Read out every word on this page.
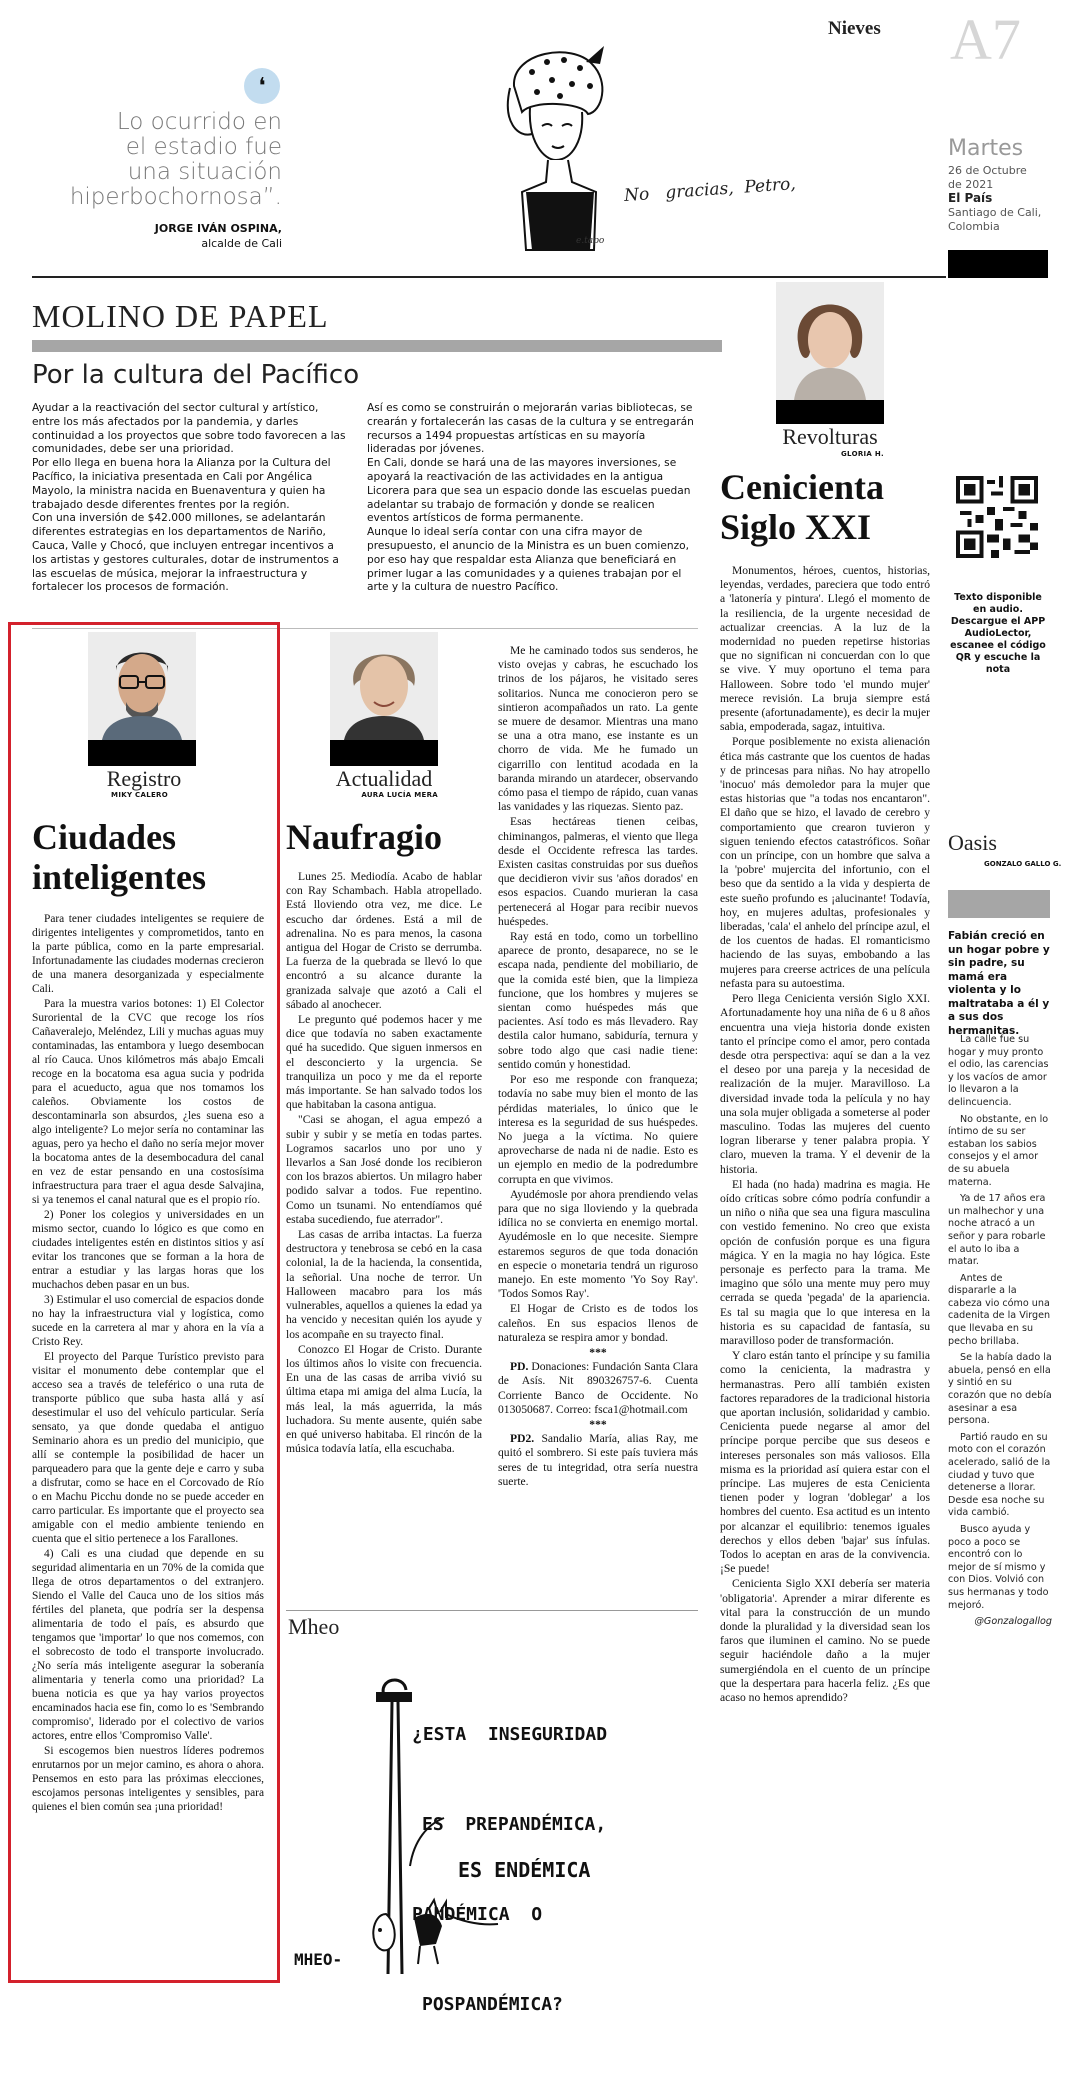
Nieves A7
❛
Lo ocurrido en
el estadio fue
una situación
hiperbochornosa”.
JORGE IVÁN OSPINA,
alcalde de Cali	e.tapo
No   gracias,  Petro,
Martes
26 de Octubre
de 2021
El País
Santiago de Cali,
Colombia
MOLINO DE PAPEL
Por la cultura del Pacífico
Ayudar a la reactivación del sector cultural y artístico, entre los más afectados por la pandemia, y darles continuidad a los proyectos que sobre todo favorecen a las comunidades, debe ser una prioridad.
Por ello llega en buena hora la Alianza por la Cultura del Pacífico, la iniciativa presentada en Cali por Angélica Mayolo, la ministra nacida en Buenaventura y quien ha trabajado desde diferentes frentes por la región.
Con una inversión de $42.000 millones, se adelantarán diferentes estrategias en los departamentos de Nariño, Cauca, Valle y Chocó, que incluyen entregar incentivos a los artistas y gestores culturales, dotar de instrumentos a las escuelas de música, mejorar la infraestructura y fortalecer los procesos de formación.
Así es como se construirán o mejorarán varias bibliotecas, se crearán y fortalecerán las casas de la cultura y se entregarán recursos a 1494 propuestas artísticas en su mayoría lideradas por jóvenes.
En Cali, donde se hará una de las mayores inversiones, se apoyará la reactivación de las actividades en la antigua Licorera para que sea un espacio donde las escuelas puedan adelantar su trabajo de formación y donde se realicen eventos artísticos de forma permanente.
Aunque lo ideal sería contar con una cifra mayor de presupuesto, el anuncio de la Ministra es un buen comienzo, por eso hay que respaldar esta Alianza que beneficiará en primer lugar a las comunidades y a quienes trabajan por el arte y la cultura de nuestro Pacífico.
Revolturas
GLORIA H.
Cenicienta
Siglo XXI

Monumentos, héroes, cuentos, historias, leyendas, verdades, pareciera que todo entró a 'latonería y pintura'. Llegó el momento de la resiliencia, de la urgente necesidad de actualizar creencias. A la luz de la modernidad no pueden repetirse historias que no significan ni concuerdan con lo que se vive. Y muy oportuno el tema para Halloween. Sobre todo 'el mundo mujer' merece revisión. La bruja siempre está presente (afortunadamente), es decir la mujer sabia, empoderada, sagaz, intuitiva.

Porque posiblemente no exista alienación ética más castrante que los cuentos de hadas y de princesas para niñas. No hay atropello 'inocuo' más demoledor para la mujer que estas historias que "a todas nos encantaron". El daño que se hizo, el lavado de cerebro y comportamiento que crearon tuvieron y siguen teniendo efectos catastróficos. Soñar con un príncipe, con un hombre que salva a la 'pobre' mujercita del infortunio, con el beso que da sentido a la vida y despierta de este sueño profundo es ¡alucinante! Todavía, hoy, en mujeres adultas, profesionales y liberadas, 'cala' el anhelo del príncipe azul, el de los cuentos de hadas. El romanticismo haciendo de las suyas, embobando a las mujeres para creerse actrices de una película nefasta para su autoestima.

Pero llega Cenicienta versión Siglo XXI. Afortunadamente hoy una niña de 6 u 8 años encuentra una vieja historia donde existen tanto el príncipe como el amor, pero contada desde otra perspectiva: aquí se dan a la vez el deseo por una pareja y la necesidad de realización de la mujer. Maravilloso. La diversidad invade toda la película y no hay una sola mujer obligada a someterse al poder masculino. Todas las mujeres del cuento logran liberarse y tener palabra propia. Y claro, mueven la trama. Y el devenir de la historia.

El hada (no hada) madrina es magia. He oído críticas sobre cómo podría confundir a un niño o niña que sea una figura masculina con vestido femenino. No creo que exista opción de confusión porque es una figura mágica. Y en la magia no hay lógica. Este personaje es perfecto para la trama. Me imagino que sólo una mente muy pero muy cerrada se queda 'pegada' de la apariencia. Es tal su magia que lo que interesa en la historia es su capacidad de fantasía, su maravilloso poder de transformación.

Y claro están tanto el príncipe y su familia como la cenicienta, la madrastra y hermanastras. Pero allí también existen factores reparadores de la tradicional historia que aportan inclusión, solidaridad y cambio. Cenicienta puede negarse al amor del príncipe porque percibe que sus deseos e intereses personales son más valiosos. Ella misma es la prioridad así quiera estar con el príncipe. Las mujeres de esta Cenicienta tienen poder y logran 'doblegar' a los hombres del cuento. Esa actitud es un intento por alcanzar el equilibrio: tenemos iguales derechos y ellos deben 'bajar' sus ínfulas. Todos lo aceptan en aras de la convivencia. ¡Se puede!

Cenicienta Siglo XXI debería ser materia 'obligatoria'. Aprender a mirar diferente es vital para la construcción de un mundo donde la pluralidad y la diversidad sean los faros que iluminen el camino. No se puede seguir haciéndole daño a la mujer sumergiéndola en el cuento de un príncipe que la despertara para hacerla feliz. ¿Es que acaso no hemos aprendido?

Registro
MIKY CALERO
Ciudades
inteligentes

Para tener ciudades inteligentes se requiere de dirigentes inteligentes y comprometidos, tanto en la parte pública, como en la parte empresarial. Infortunadamente las ciudades modernas crecieron de una manera desorganizada y especialmente Cali.

Para la muestra varios botones: 1) El Colector Suroriental de la CVC que recoge los ríos Cañaveralejo, Meléndez, Lili y muchas aguas muy contaminadas, las entambora y luego desembocan al río Cauca. Unos kilómetros más abajo Emcali recoge en la bocatoma esa agua sucia y podrida para el acueducto, agua que nos tomamos los caleños. Obviamente los costos de descontaminarla son absurdos, ¿les suena eso a algo inteligente? Lo mejor sería no contaminar las aguas, pero ya hecho el daño no sería mejor mover la bocatoma antes de la desembocadura del canal en vez de estar pensando en una costosísima infraestructura para traer el agua desde Salvajina, si ya tenemos el canal natural que es el propio río.

2) Poner los colegios y universidades en un mismo sector, cuando lo lógico es que como en ciudades inteligentes estén en distintos sitios y así evitar los trancones que se forman a la hora de entrar a estudiar y las largas horas que los muchachos deben pasar en un bus.

3) Estimular el uso comercial de espacios donde no hay la infraestructura vial y logística, como sucede en la carretera al mar y ahora en la vía a Cristo Rey.

El proyecto del Parque Turístico previsto para visitar el monumento debe contemplar que el acceso sea a través de teleférico o una ruta de transporte público que suba hasta allá y así desestimular el uso del vehículo particular. Sería sensato, ya que donde quedaba el antiguo Seminario ahora es un predio del municipio, que allí se contemple la posibilidad de hacer un parqueadero para que la gente deje e carro y suba a disfrutar, como se hace en el Corcovado de Río o en Machu Picchu donde no se puede acceder en carro particular. Es importante que el proyecto sea amigable con el medio ambiente teniendo en cuenta que el sitio pertenece a los Farallones.

4) Cali es una ciudad que depende en su seguridad alimentaria en un 70% de la comida que llega de otros departamentos o del extranjero. Siendo el Valle del Cauca uno de los sitios más fértiles del planeta, que podría ser la despensa alimentaria de todo el país, es absurdo que tengamos que 'importar' lo que nos comemos, con el sobrecosto de todo el transporte involucrado. ¿No sería más inteligente asegurar la soberanía alimentaria y tenerla como una prioridad? La buena noticia es que ya hay varios proyectos encaminados hacia ese fin, como lo es 'Sembrando compromiso', liderado por el colectivo de varios actores, entre ellos 'Compromiso Valle'.

Si escogemos bien nuestros líderes podremos enrutarnos por un mejor camino, es ahora o ahora. Pensemos en esto para las próximas elecciones, escojamos personas inteligentes y sensibles, para quienes el bien común sea ¡una prioridad!

Actualidad
AURA LUCÍA MERA
Naufragio

Lunes 25. Mediodía. Acabo de hablar con Ray Schambach. Habla atropellado. Está lloviendo otra vez, me dice. Le escucho dar órdenes. Está a mil de adrenalina. No es para menos, la casona antigua del Hogar de Cristo se derrumba. La fuerza de la quebrada se llevó lo que encontró a su alcance durante la granizada salvaje que azotó a Cali el sábado al anochecer.

Le pregunto qué podemos hacer y me dice que todavía no saben exactamente qué ha sucedido. Que siguen inmersos en el desconcierto y la urgencia. Se tranquiliza un poco y me da el reporte más importante. Se han salvado todos los que habitaban la casona antigua.

"Casi se ahogan, el agua empezó a subir y subir y se metía en todas partes. Logramos sacarlos uno por uno y llevarlos a San José donde los recibieron con los brazos abiertos. Un milagro haber podido salvar a todos. Fue repentino. Como un tsunami. No entendíamos qué estaba sucediendo, fue aterrador".

Las casas de arriba intactas. La fuerza destructora y tenebrosa se cebó en la casa colonial, la de la hacienda, la consentida, la señorial. Una noche de terror. Un Halloween macabro para los más vulnerables, aquellos a quienes la edad ya ha vencido y necesitan quién los ayude y los acompañe en su trayecto final.

Conozco El Hogar de Cristo. Durante los últimos años lo visite con frecuencia. En una de las casas de arriba vivió su última etapa mi amiga del alma Lucía, la más leal, la más aguerrida, la más luchadora. Su mente ausente, quién sabe en qué universo habitaba. El rincón de la música todavía latía, ella escuchaba.

Me he caminado todos sus senderos, he visto ovejas y cabras, he escuchado los trinos de los pájaros, he visitado seres solitarios. Nunca me conocieron pero se sintieron acompañados un rato. La gente se muere de desamor. Mientras una mano se una a otra mano, ese instante es un chorro de vida. Me he fumado un cigarrillo con lentitud acodada en la baranda mirando un atardecer, observando cómo pasa el tiempo de rápido, cuan vanas las vanidades y las riquezas. Siento paz.

Esas hectáreas tienen ceibas, chiminangos, palmeras, el viento que llega desde el Occidente refresca las tardes. Existen casitas construidas por sus dueños que decidieron vivir sus 'años dorados' en esos espacios. Cuando murieran la casa pertenecerá al Hogar para recibir nuevos huéspedes.

Ray está en todo, como un torbellino aparece de pronto, desaparece, no se le escapa nada, pendiente del mobiliario, de que la comida esté bien, que la limpieza funcione, que los hombres y mujeres se sientan como huéspedes más que pacientes. Así todo es más llevadero. Ray destila calor humano, sabiduría, ternura y sobre todo algo que casi nadie tiene: sentido común y honestidad.

Por eso me responde con franqueza; todavía no sabe muy bien el monto de las pérdidas materiales, lo único que le interesa es la seguridad de sus huéspedes. No juega a la víctima. No quiere aprovecharse de nada ni de nadie. Esto es un ejemplo en medio de la podredumbre corrupta en que vivimos.

Ayudémosle por ahora prendiendo velas para que no siga lloviendo y la quebrada idílica no se convierta en enemigo mortal. Ayudémosle en lo que necesite. Siempre estaremos seguros de que toda donación en especie o monetaria tendrá un riguroso manejo. En este momento 'Yo Soy Ray'. 'Todos Somos Ray'.

El Hogar de Cristo es de todos los caleños. En sus espacios llenos de naturaleza se respira amor y bondad.

***

PD. Donaciones: Fundación Santa Clara de Asís. Nit 890326757-6. Cuenta Corriente Banco de Occidente. No 013050687. Correo: fsca1@hotmail.com

***

PD2. Sandalio María, alias Ray, me quitó el sombrero. Si este país tuviera más seres de tu integridad, otra sería nuestra suerte.

Mheo

¿ESTA  INSEGURIDAD

ES  PREPANDÉMICA,

PANDÉMICA  O

POSPANDÉMICA?

ES ENDÉMICA
MHEO-
Texto disponible en audio. Descargue el APP AudioLector, escanee el código QR y escuche la nota
Oasis
GONZALO GALLO G.
Fabián creció en un hogar pobre y sin padre, su mamá era violenta y lo maltrataba a él y a sus dos hermanitas.

La calle fue su hogar y muy pronto el odio, las carencias y los vacíos de amor lo llevaron a la delincuencia.

No obstante, en lo íntimo de su ser estaban los sabios consejos y el amor de su abuela materna.

Ya de 17 años era un malhechor y una noche atracó a un señor y para robarle el auto lo iba a matar.

Antes de dispararle a la cabeza vio cómo una cadenita de la Virgen que llevaba en su pecho brillaba.

Se la había dado la abuela, pensó en ella y sintió en su corazón que no debía asesinar a esa persona.

Partió raudo en su moto con el corazón acelerado, salió de la ciudad y tuvo que detenerse a llorar. Desde esa noche su vida cambió.

Busco ayuda y poco a poco se encontró con lo mejor de sí mismo y con Dios. Volvió con sus hermanas y todo mejoró.

@Gonzalogallog
